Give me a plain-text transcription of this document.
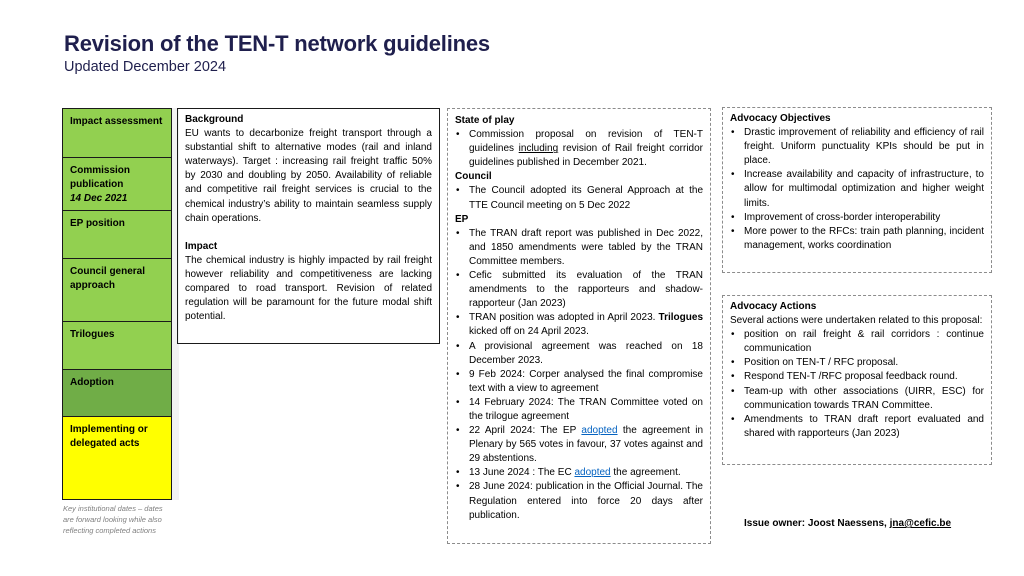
Revision of the TEN-T network guidelines
Updated December 2024
Impact assessment
Commission publication
14 Dec 2021
EP position
Council general approach
Trilogues
Adoption
Implementing or delegated acts
Key institutional dates – dates are forward looking while also reflecting completed actions
Background
EU wants to decarbonize freight transport through a substantial shift to alternative modes (rail and inland waterways). Target : increasing rail freight traffic 50% by 2030 and doubling by 2050. Availability of reliable and competitive rail freight services is crucial to the chemical industry’s ability to maintain seamless supply chain operations.
Impact
The chemical industry is highly impacted by rail freight however reliability and competitiveness are lacking compared to road transport. Revision of related regulation will be paramount for the future modal shift potential.
State of play
• Commission proposal on revision of TEN-T guidelines including revision of Rail freight corridor guidelines published in December 2021.
Council
• The Council adopted its General Approach at the TTE Council meeting on 5 Dec 2022
EP
• The TRAN draft report was published in Dec 2022, and 1850 amendments were tabled by the TRAN Committee members.
• Cefic submitted its evaluation of the TRAN amendments to the rapporteurs and shadow-rapporteur (Jan 2023)
• TRAN position was adopted in April 2023. Trilogues kicked off on 24 April 2023.
• A provisional agreement was reached on 18 December 2023.
• 9 Feb 2024: Corper analysed the final compromise text with a view to agreement
• 14 February 2024: The TRAN Committee voted on the trilogue agreement
• 22 April 2024: The EP adopted the agreement in Plenary by 565 votes in favour, 37 votes against and 29 abstentions.
• 13 June 2024 : The EC adopted the agreement.
• 28 June 2024: publication in the Official Journal. The Regulation entered into force 20 days after publication.
Advocacy Objectives
• Drastic improvement of reliability and efficiency of rail freight. Uniform punctuality KPIs should be put in place.
• Increase availability and capacity of infrastructure, to allow for multimodal optimization and higher weight limits.
• Improvement of cross-border interoperability
• More power to the RFCs: train path planning, incident management, works coordination
Advocacy Actions
Several actions were undertaken related to this proposal:
• position on rail freight & rail corridors : continue communication
• Position on TEN-T / RFC proposal.
• Respond TEN-T /RFC proposal feedback round.
• Team-up with other associations (UIRR, ESC) for communication towards TRAN Committee.
• Amendments to TRAN draft report evaluated and shared with rapporteurs (Jan 2023)
Issue owner: Joost Naessens, jna@cefic.be
